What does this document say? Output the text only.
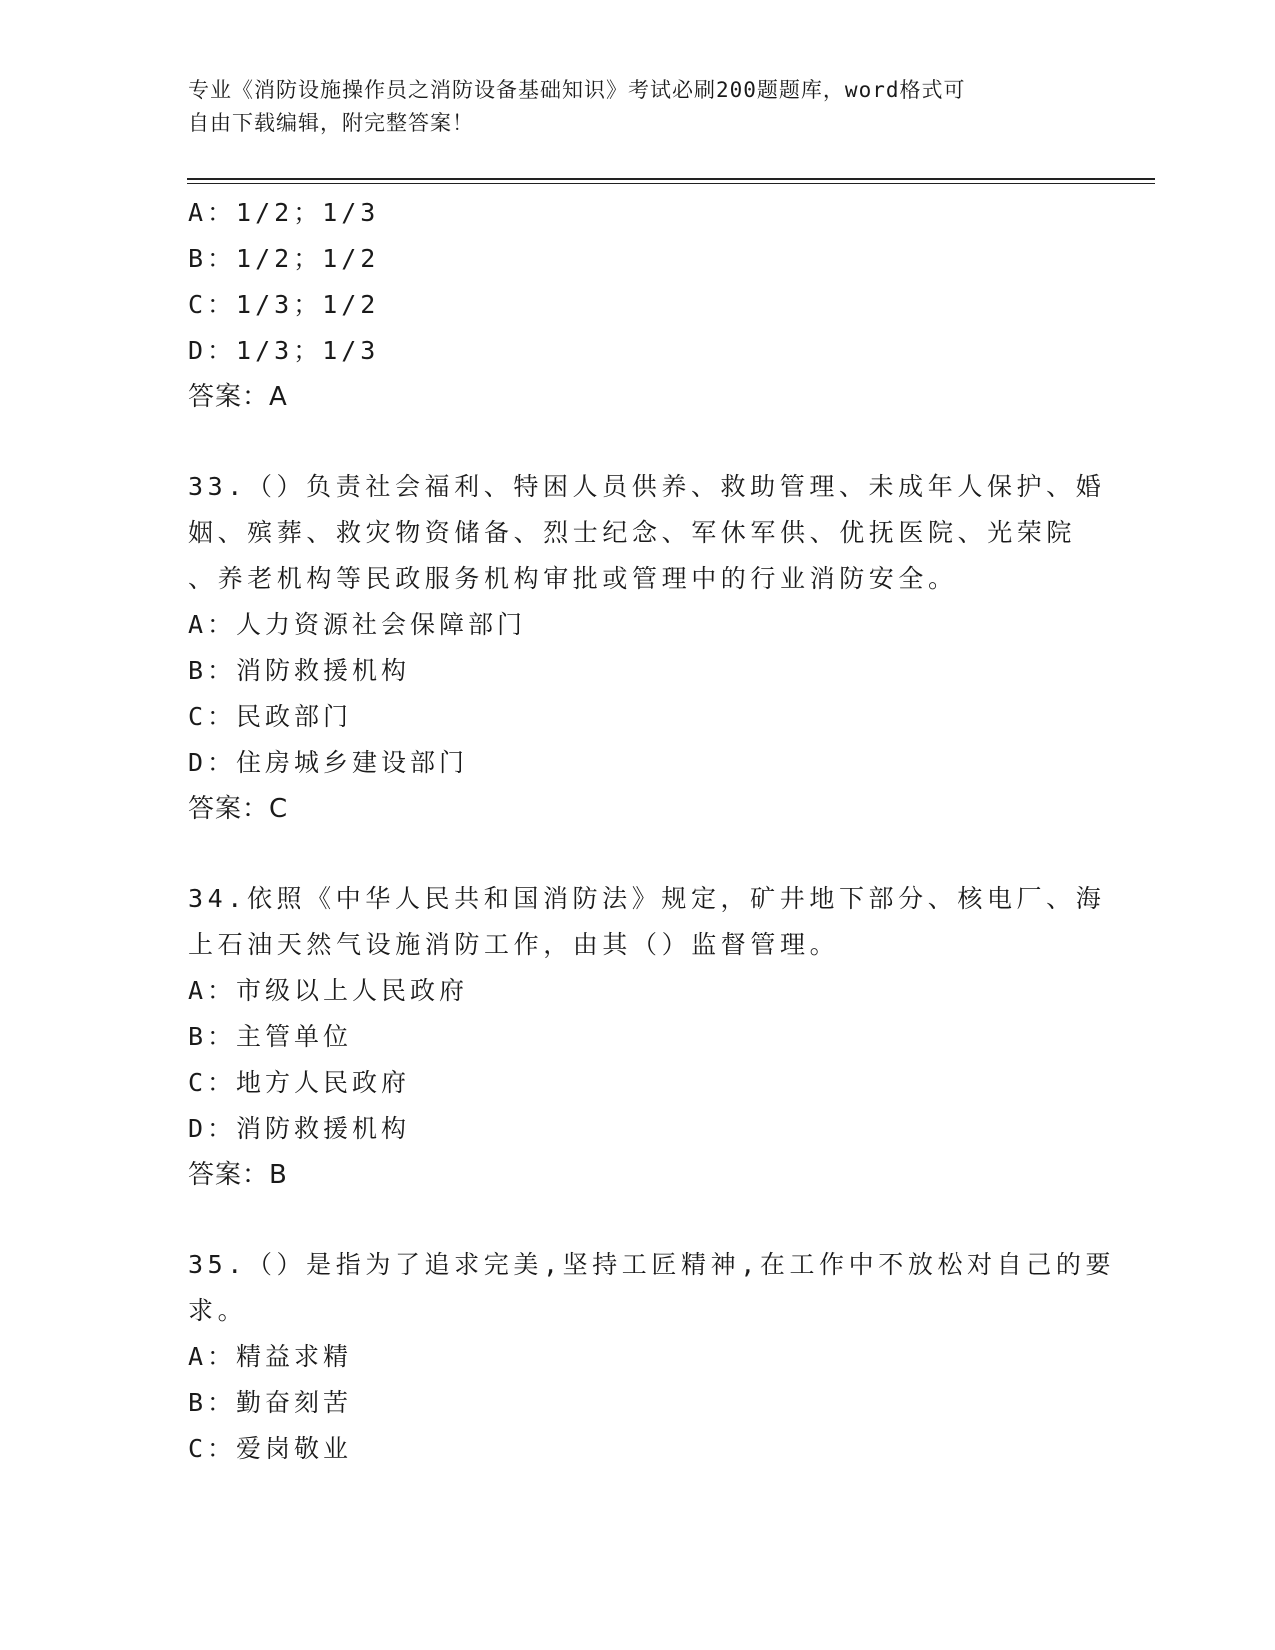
专业《消防设施操作员之消防设备基础知识》考试必刷200题题库，word格式可
自由下载编辑，附完整答案！
A：1/2；1/3
B：1/2；1/2
C：1/3；1/2
D：1/3；1/3
答案：A
33.（）负责社会福利、特困人员供养、救助管理、未成年人保护、婚
姻、殡葬、救灾物资储备、烈士纪念、军休军供、优抚医院、光荣院
、养老机构等民政服务机构审批或管理中的行业消防安全。
A：人力资源社会保障部门
B：消防救援机构
C：民政部门
D：住房城乡建设部门
答案：C
34.依照《中华人民共和国消防法》规定，矿井地下部分、核电厂、海
上石油天然气设施消防工作，由其（）监督管理。
A：市级以上人民政府
B：主管单位
C：地方人民政府
D：消防救援机构
答案：B
35.（）是指为了追求完美,坚持工匠精神,在工作中不放松对自己的要
求。
A：精益求精
B：勤奋刻苦
C：爱岗敬业
